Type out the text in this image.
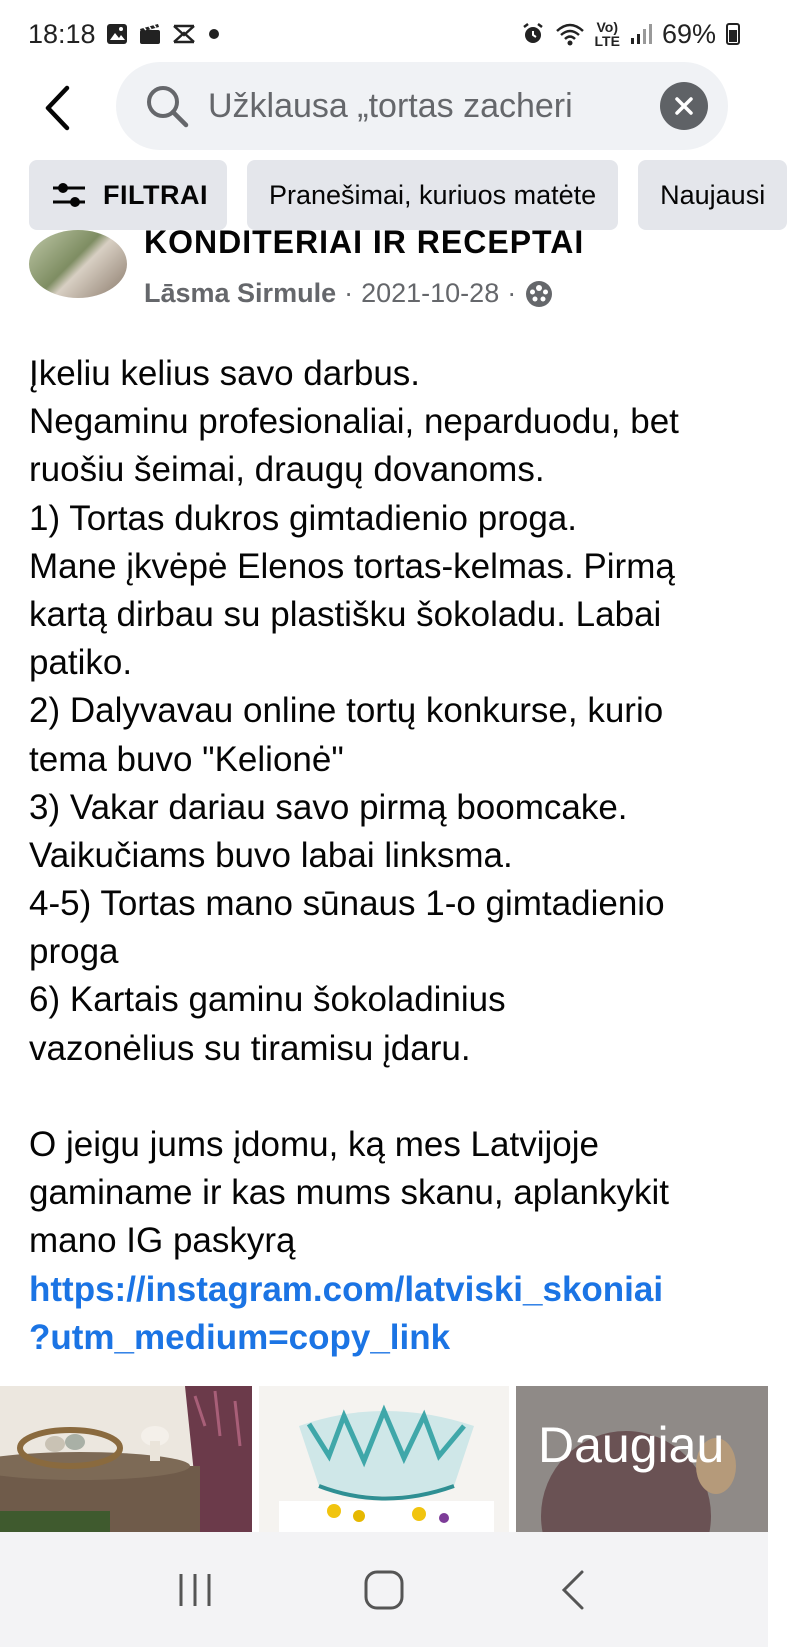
18:18	Vo)
LTE 69%
Užklausa „tortas zacheri
FILTRAI Pranešimai, kuriuos matėte Naujausi
KONDITERIAI IR RECEPTAI
Lāsma Sirmule · 2021-10-28 ·
Įkeliu kelius savo darbus.
Negaminu profesionaliai, neparduodu, bet
ruošiu šeimai, draugų dovanoms.
1) Tortas dukros gimtadienio proga.
Mane įkvėpė Elenos tortas-kelmas. Pirmą
kartą dirbau su plastišku šokoladu. Labai
patiko.
2) Dalyvavau online tortų konkurse, kurio
tema buvo "Kelionė"
3) Vakar dariau savo pirmą boomcake.
Vaikučiams buvo labai linksma.
4-5) Tortas mano sūnaus 1-o gimtadienio
proga
6) Kartais gaminu šokoladinius
vazonėlius su tiramisu įdaru.
O jeigu jums įdomu, ką mes Latvijoje
gaminame ir kas mums skanu, aplankykit
mano IG paskyrą
https://instagram.com/latviski_skoniai
?utm_medium=copy_link
Daugiau
